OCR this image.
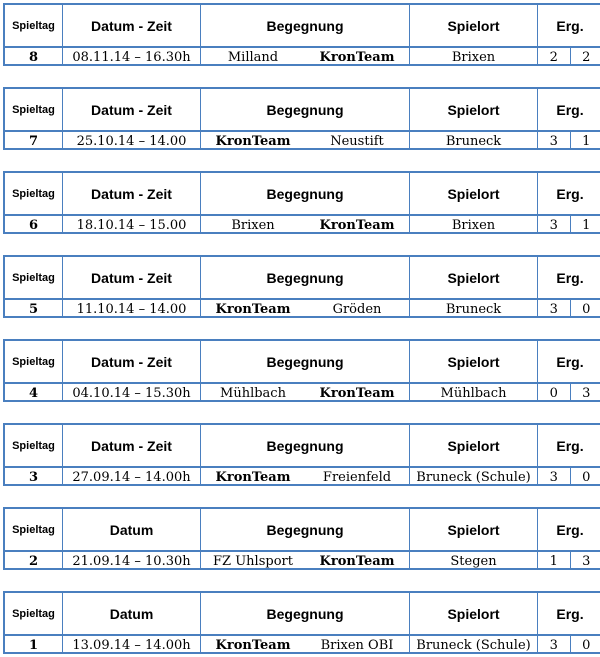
Spieltag	Datum - Zeit	Begegnung	Spielort	Erg.
8	08.11.14 – 16.30h	Milland	KronTeam	Brixen	2	2
Spieltag	Datum - Zeit	Begegnung	Spielort	Erg.
7	25.10.14 – 14.00	KronTeam	Neustift	Bruneck	3	1
Spieltag	Datum - Zeit	Begegnung	Spielort	Erg.
6	18.10.14 – 15.00	Brixen	KronTeam	Brixen	3	1
Spieltag	Datum - Zeit	Begegnung	Spielort	Erg.
5	11.10.14 – 14.00	KronTeam	Gröden	Bruneck	3	0
Spieltag	Datum - Zeit	Begegnung	Spielort	Erg.
4	04.10.14 – 15.30h	Mühlbach	KronTeam	Mühlbach	0	3
Spieltag	Datum - Zeit	Begegnung	Spielort	Erg.
3	27.09.14 – 14.00h	KronTeam	Freienfeld	Bruneck (Schule)	3	0
Spieltag	Datum	Begegnung	Spielort	Erg.
2	21.09.14 – 10.30h	FZ Uhlsport	KronTeam	Stegen	1	3
Spieltag	Datum	Begegnung	Spielort	Erg.
1	13.09.14 – 14.00h	KronTeam	Brixen OBI	Bruneck (Schule)	3	0
